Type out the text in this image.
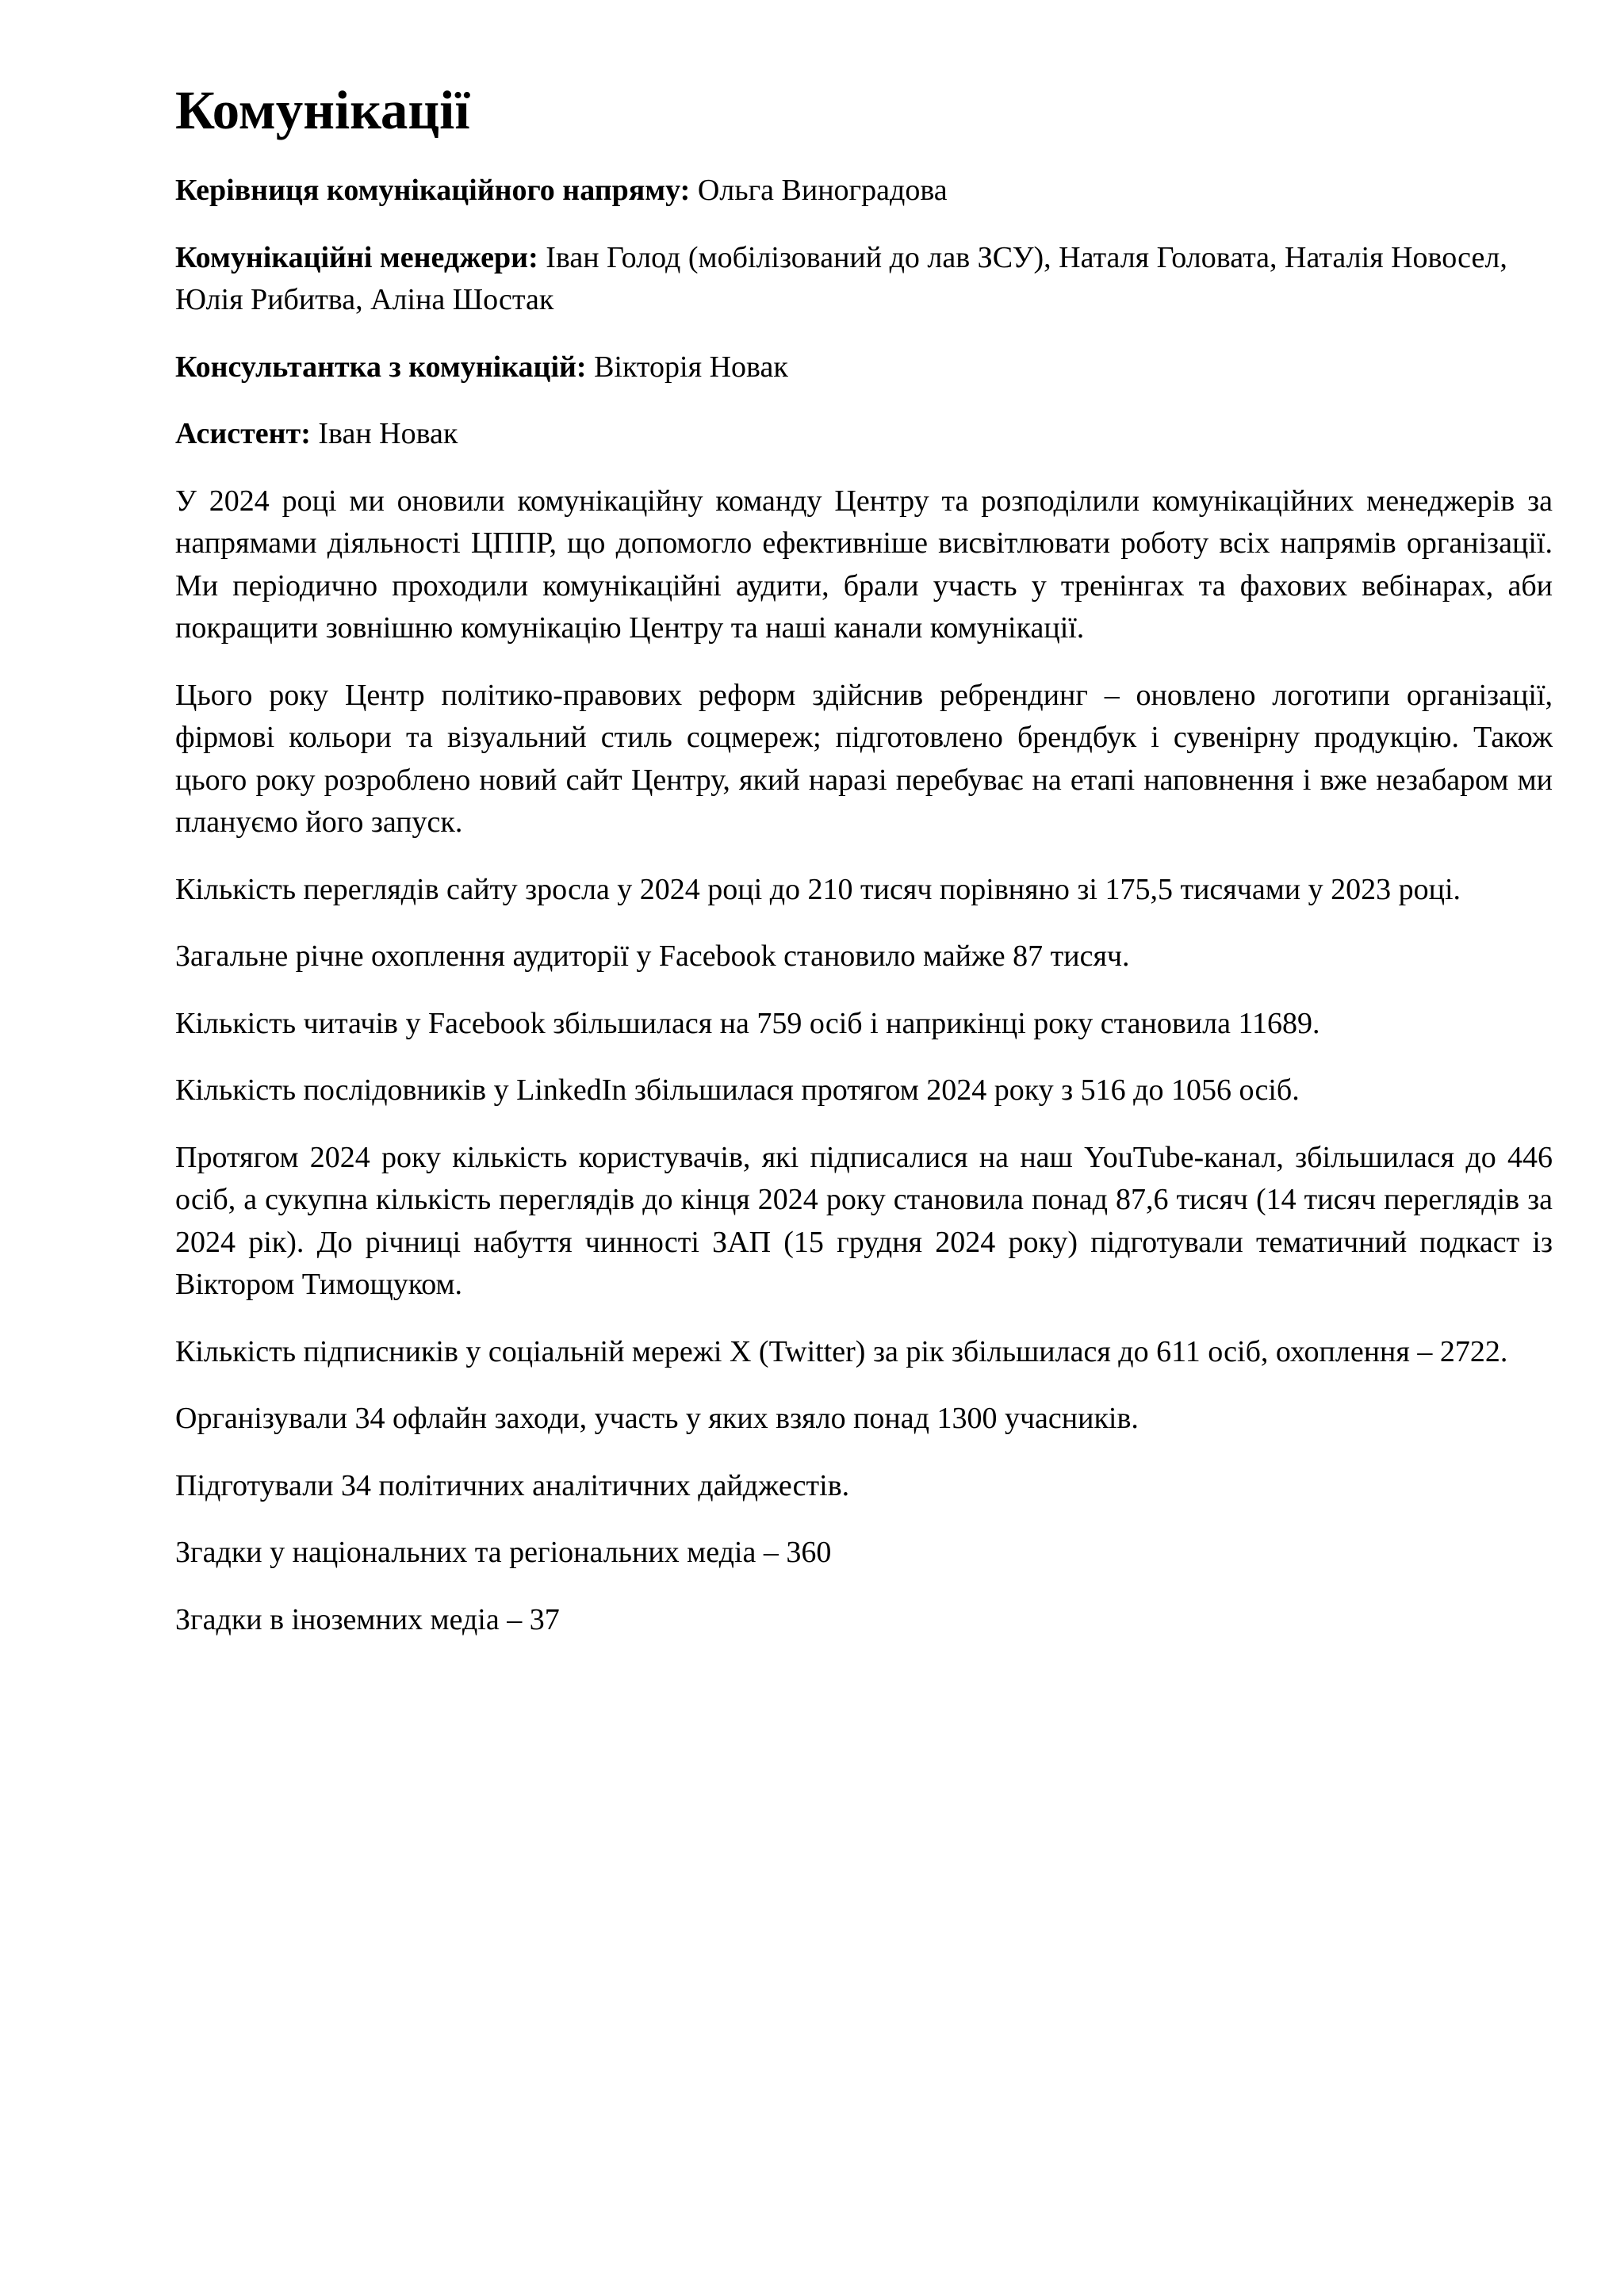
Комунікації

Керівниця комунікаційного напряму: Ольга Виноградова

Комунікаційні менеджери: Іван Голод (мобілізований до лав ЗСУ), Наталя Головата, Наталія Новосел, Юлія Рибитва, Аліна Шостак

Консультантка з комунікацій: Вікторія Новак

Асистент: Іван Новак

У 2024 році ми оновили комунікаційну команду Центру та розподілили комунікаційних менеджерів за напрямами діяльності ЦППР, що допомогло ефективніше висвітлювати роботу всіх напрямів організації. Ми періодично проходили комунікаційні аудити, брали участь у тренінгах та фахових вебінарах, аби покращити зовнішню комунікацію Центру та наші канали комунікації.

Цього року Центр політико-правових реформ здійснив ребрендинг – оновлено логотипи організації, фірмові кольори та візуальний стиль соцмереж; підготовлено брендбук і сувенірну продукцію. Також цього року розроблено новий сайт Центру, який наразі перебуває на етапі наповнення і вже незабаром ми плануємо його запуск.

Кількість переглядів сайту зросла у 2024 році до 210 тисяч порівняно зі 175,5 тисячами у 2023 році.

Загальне річне охоплення аудиторії у Facebook становило майже 87 тисяч.

Кількість читачів у Facebook збільшилася на 759 осіб і наприкінці року становила 11689.

Кількість послідовників у LinkedIn збільшилася протягом 2024 року з 516 до 1056 осіб.

Протягом 2024 року кількість користувачів, які підписалися на наш YouTube-канал, збільшилася до 446 осіб, а сукупна кількість переглядів до кінця 2024 року становила понад 87,6 тисяч (14 тисяч переглядів за 2024 рік). До річниці набуття чинності ЗАП (15 грудня 2024 року) підготували тематичний подкаст із Віктором Тимощуком.

Кількість підписників у соціальній мережі X (Twitter) за рік збільшилася до 611 осіб, охоплення – 2722.

Організували 34 офлайн заходи, участь у яких взяло понад 1300 учасників.

Підготували 34 політичних аналітичних дайджестів.

Згадки у національних та регіональних медіа – 360

Згадки в іноземних медіа – 37
